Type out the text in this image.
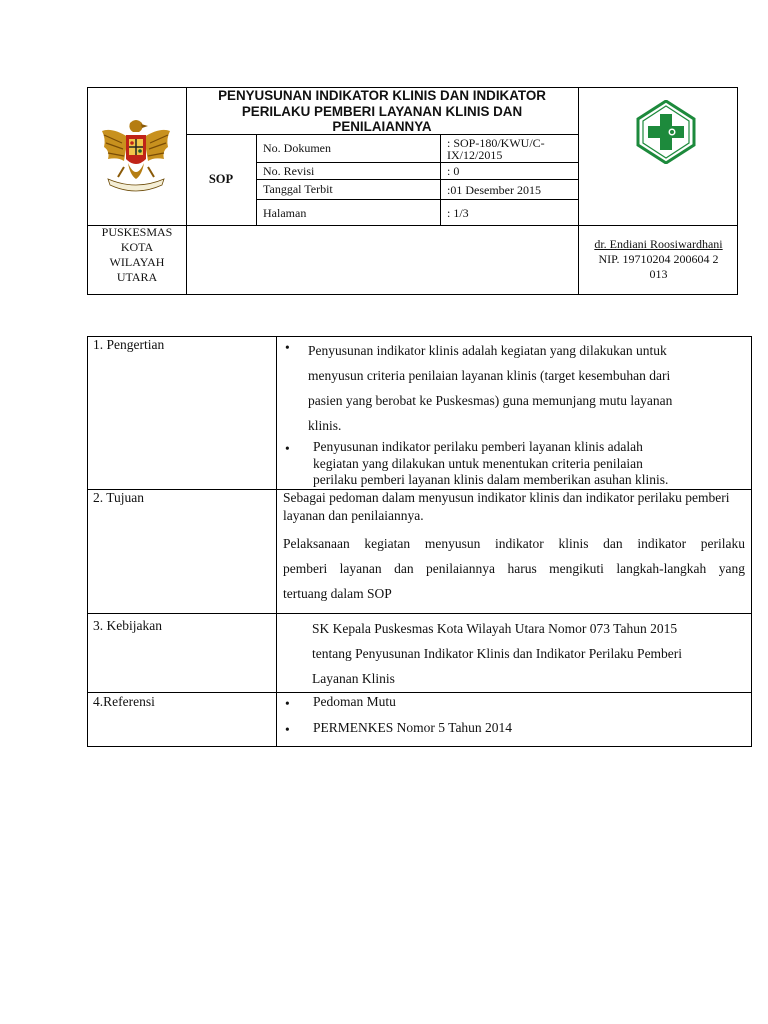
PENYUSUNAN INDIKATOR KLINIS DAN INDIKATOR
PERILAKU PEMBERI LAYANAN KLINIS DAN
PENILAIANNYA
SOP
No. Dokumen	: SOP-180/KWU/C-
IX/12/2015
No. Revisi	: 0
Tanggal Terbit	:01 Desember 2015
Halaman	: 1/3
PUSKESMAS
KOTA
WILAYAH
UTARA
dr. Endiani Roosiwardhani
NIP. 19710204 200604 2
013
1. Pengertian	• Penyusunan indikator klinis adalah kegiatan yang dilakukan untuk
menyusun criteria penilaian layanan klinis (target kesembuhan dari
pasien yang berobat ke Puskesmas) guna memunjang mutu layanan
klinis.
• Penyusunan indikator perilaku pemberi layanan klinis adalah
kegiatan yang dilakukan untuk menentukan criteria penilaian
perilaku pemberi layanan klinis dalam memberikan asuhan klinis.
2. Tujuan	Sebagai pedoman dalam menyusun indikator klinis dan indikator perilaku pemberi layanan dan penilaiannya.
Pelaksanaan kegiatan menyusun indikator klinis dan indikator perilaku
pemberi layanan dan penilaiannya harus mengikuti langkah-langkah yang
tertuang dalam SOP
3. Kebijakan	SK Kepala Puskesmas Kota Wilayah Utara Nomor 073 Tahun 2015
tentang Penyusunan Indikator Klinis dan Indikator Perilaku Pemberi
Layanan Klinis
4.Referensi	• Pedoman Mutu
• PERMENKES Nomor 5 Tahun 2014
